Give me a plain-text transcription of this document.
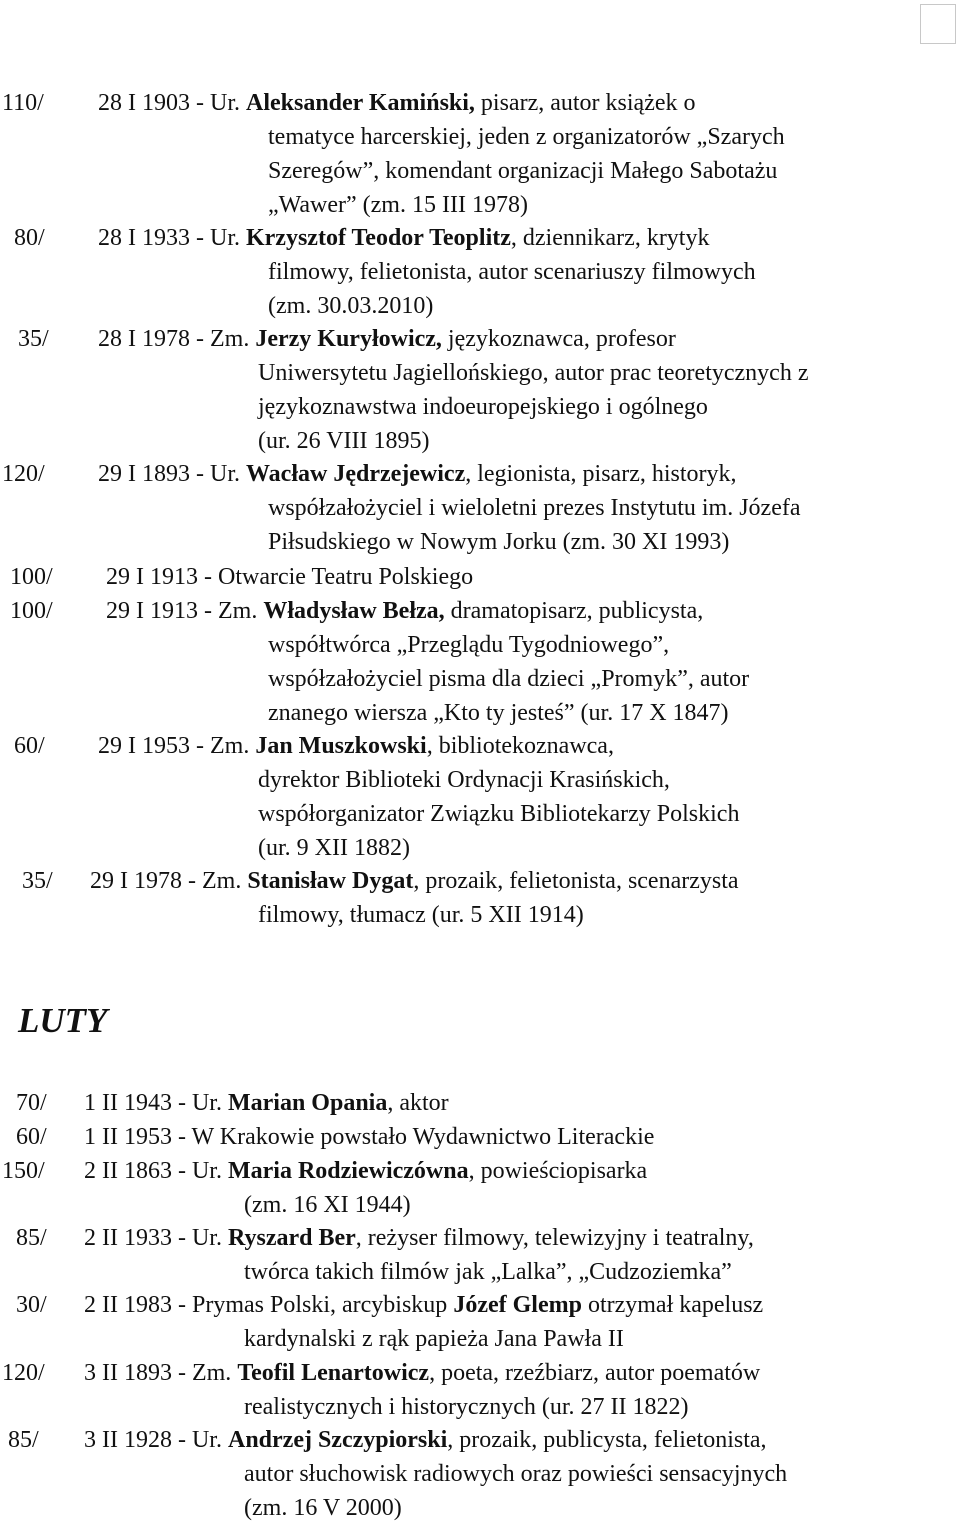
110/ 28 I 1903 - Ur. Aleksander Kamiński, pisarz, autor książek o
tematyce harcerskiej, jeden z organizatorów „Szarych
Szeregów”, komendant organizacji Małego Sabotażu
„Wawer” (zm. 15 III 1978)
80/ 28 I 1933 - Ur. Krzysztof Teodor Teoplitz, dziennikarz, krytyk
filmowy, felietonista, autor scenariuszy filmowych
(zm. 30.03.2010)
35/ 28 I 1978 - Zm. Jerzy Kuryłowicz, językoznawca, profesor
Uniwersytetu Jagiellońskiego, autor prac teoretycznych z
językoznawstwa indoeuropejskiego i ogólnego
(ur. 26 VIII 1895)
120/ 29 I 1893 - Ur. Wacław Jędrzejewicz, legionista, pisarz, historyk,
współzałożyciel i wieloletni prezes Instytutu im. Józefa
Piłsudskiego w Nowym Jorku (zm. 30 XI 1993)
100/ 29 I 1913 - Otwarcie Teatru Polskiego
100/ 29 I 1913 - Zm. Władysław Bełza, dramatopisarz, publicysta,
współtwórca „Przeglądu Tygodniowego”,
współzałożyciel pisma dla dzieci „Promyk”, autor
znanego wiersza „Kto ty jesteś” (ur. 17 X 1847)
60/ 29 I 1953 - Zm. Jan Muszkowski, bibliotekoznawca,
dyrektor Biblioteki Ordynacji Krasińskich,
współorganizator Związku Bibliotekarzy Polskich
(ur. 9 XII 1882)
35/ 29 I 1978 - Zm. Stanisław Dygat, prozaik, felietonista, scenarzysta
filmowy, tłumacz (ur. 5 XII 1914)
70/ 1 II 1943 - Ur. Marian Opania, aktor
60/ 1 II 1953 - W Krakowie powstało Wydawnictwo Literackie
150/ 2 II 1863 - Ur. Maria Rodziewiczówna, powieściopisarka
(zm. 16 XI 1944)
85/ 2 II 1933 - Ur. Ryszard Ber, reżyser filmowy, telewizyjny i teatralny,
twórca takich filmów jak „Lalka”, „Cudzoziemka”
30/ 2 II 1983 - Prymas Polski, arcybiskup Józef Glemp otrzymał kapelusz
kardynalski z rąk papieża Jana Pawła II
120/ 3 II 1893 - Zm. Teofil Lenartowicz, poeta, rzeźbiarz, autor poematów
realistycznych i historycznych (ur. 27 II 1822)
85/ 3 II 1928 - Ur. Andrzej Szczypiorski, prozaik, publicysta, felietonista,
autor słuchowisk radiowych oraz powieści sensacyjnych
(zm. 16 V 2000)
LUTY
